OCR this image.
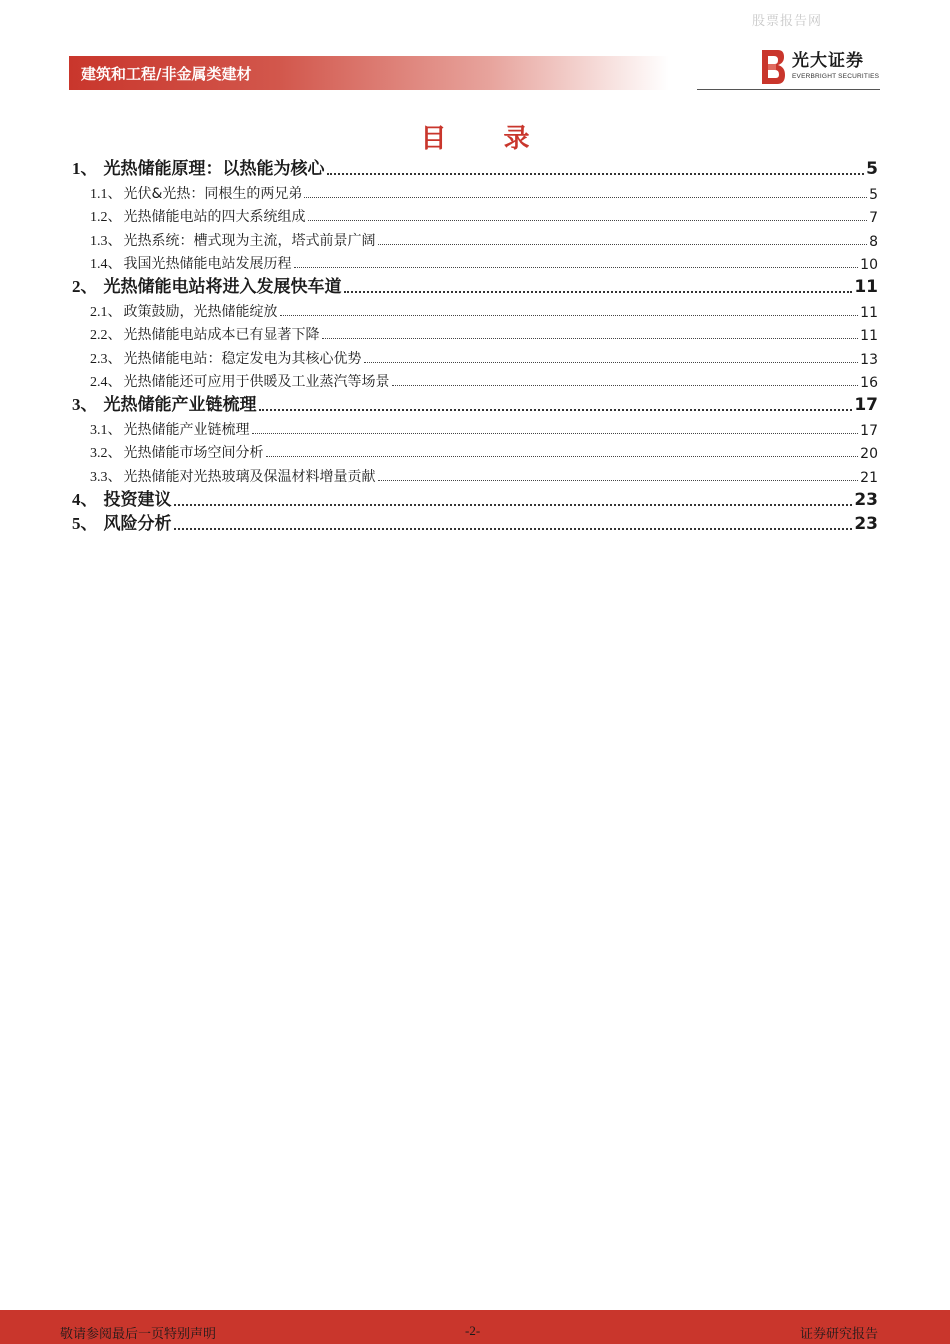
股票报告网
建筑和工程/非金属类建材
光大证券
EVERBRIGHT SECURITIES
目 录
1、 光热储能原理：以热能为核心	5
1.1、 光伏&光热：同根生的两兄弟	5
1.2、 光热储能电站的四大系统组成	7
1.3、 光热系统：槽式现为主流，塔式前景广阔	8
1.4、 我国光热储能电站发展历程	10
2、 光热储能电站将进入发展快车道	11
2.1、 政策鼓励，光热储能绽放	11
2.2、 光热储能电站成本已有显著下降	11
2.3、 光热储能电站：稳定发电为其核心优势	13
2.4、 光热储能还可应用于供暖及工业蒸汽等场景	16
3、 光热储能产业链梳理	17
3.1、 光热储能产业链梳理	17
3.2、 光热储能市场空间分析	20
3.3、 光热储能对光热玻璃及保温材料增量贡献	21
4、 投资建议	23
5、 风险分析	23
敬请参阅最后一页特别声明	-2-	证券研究报告
